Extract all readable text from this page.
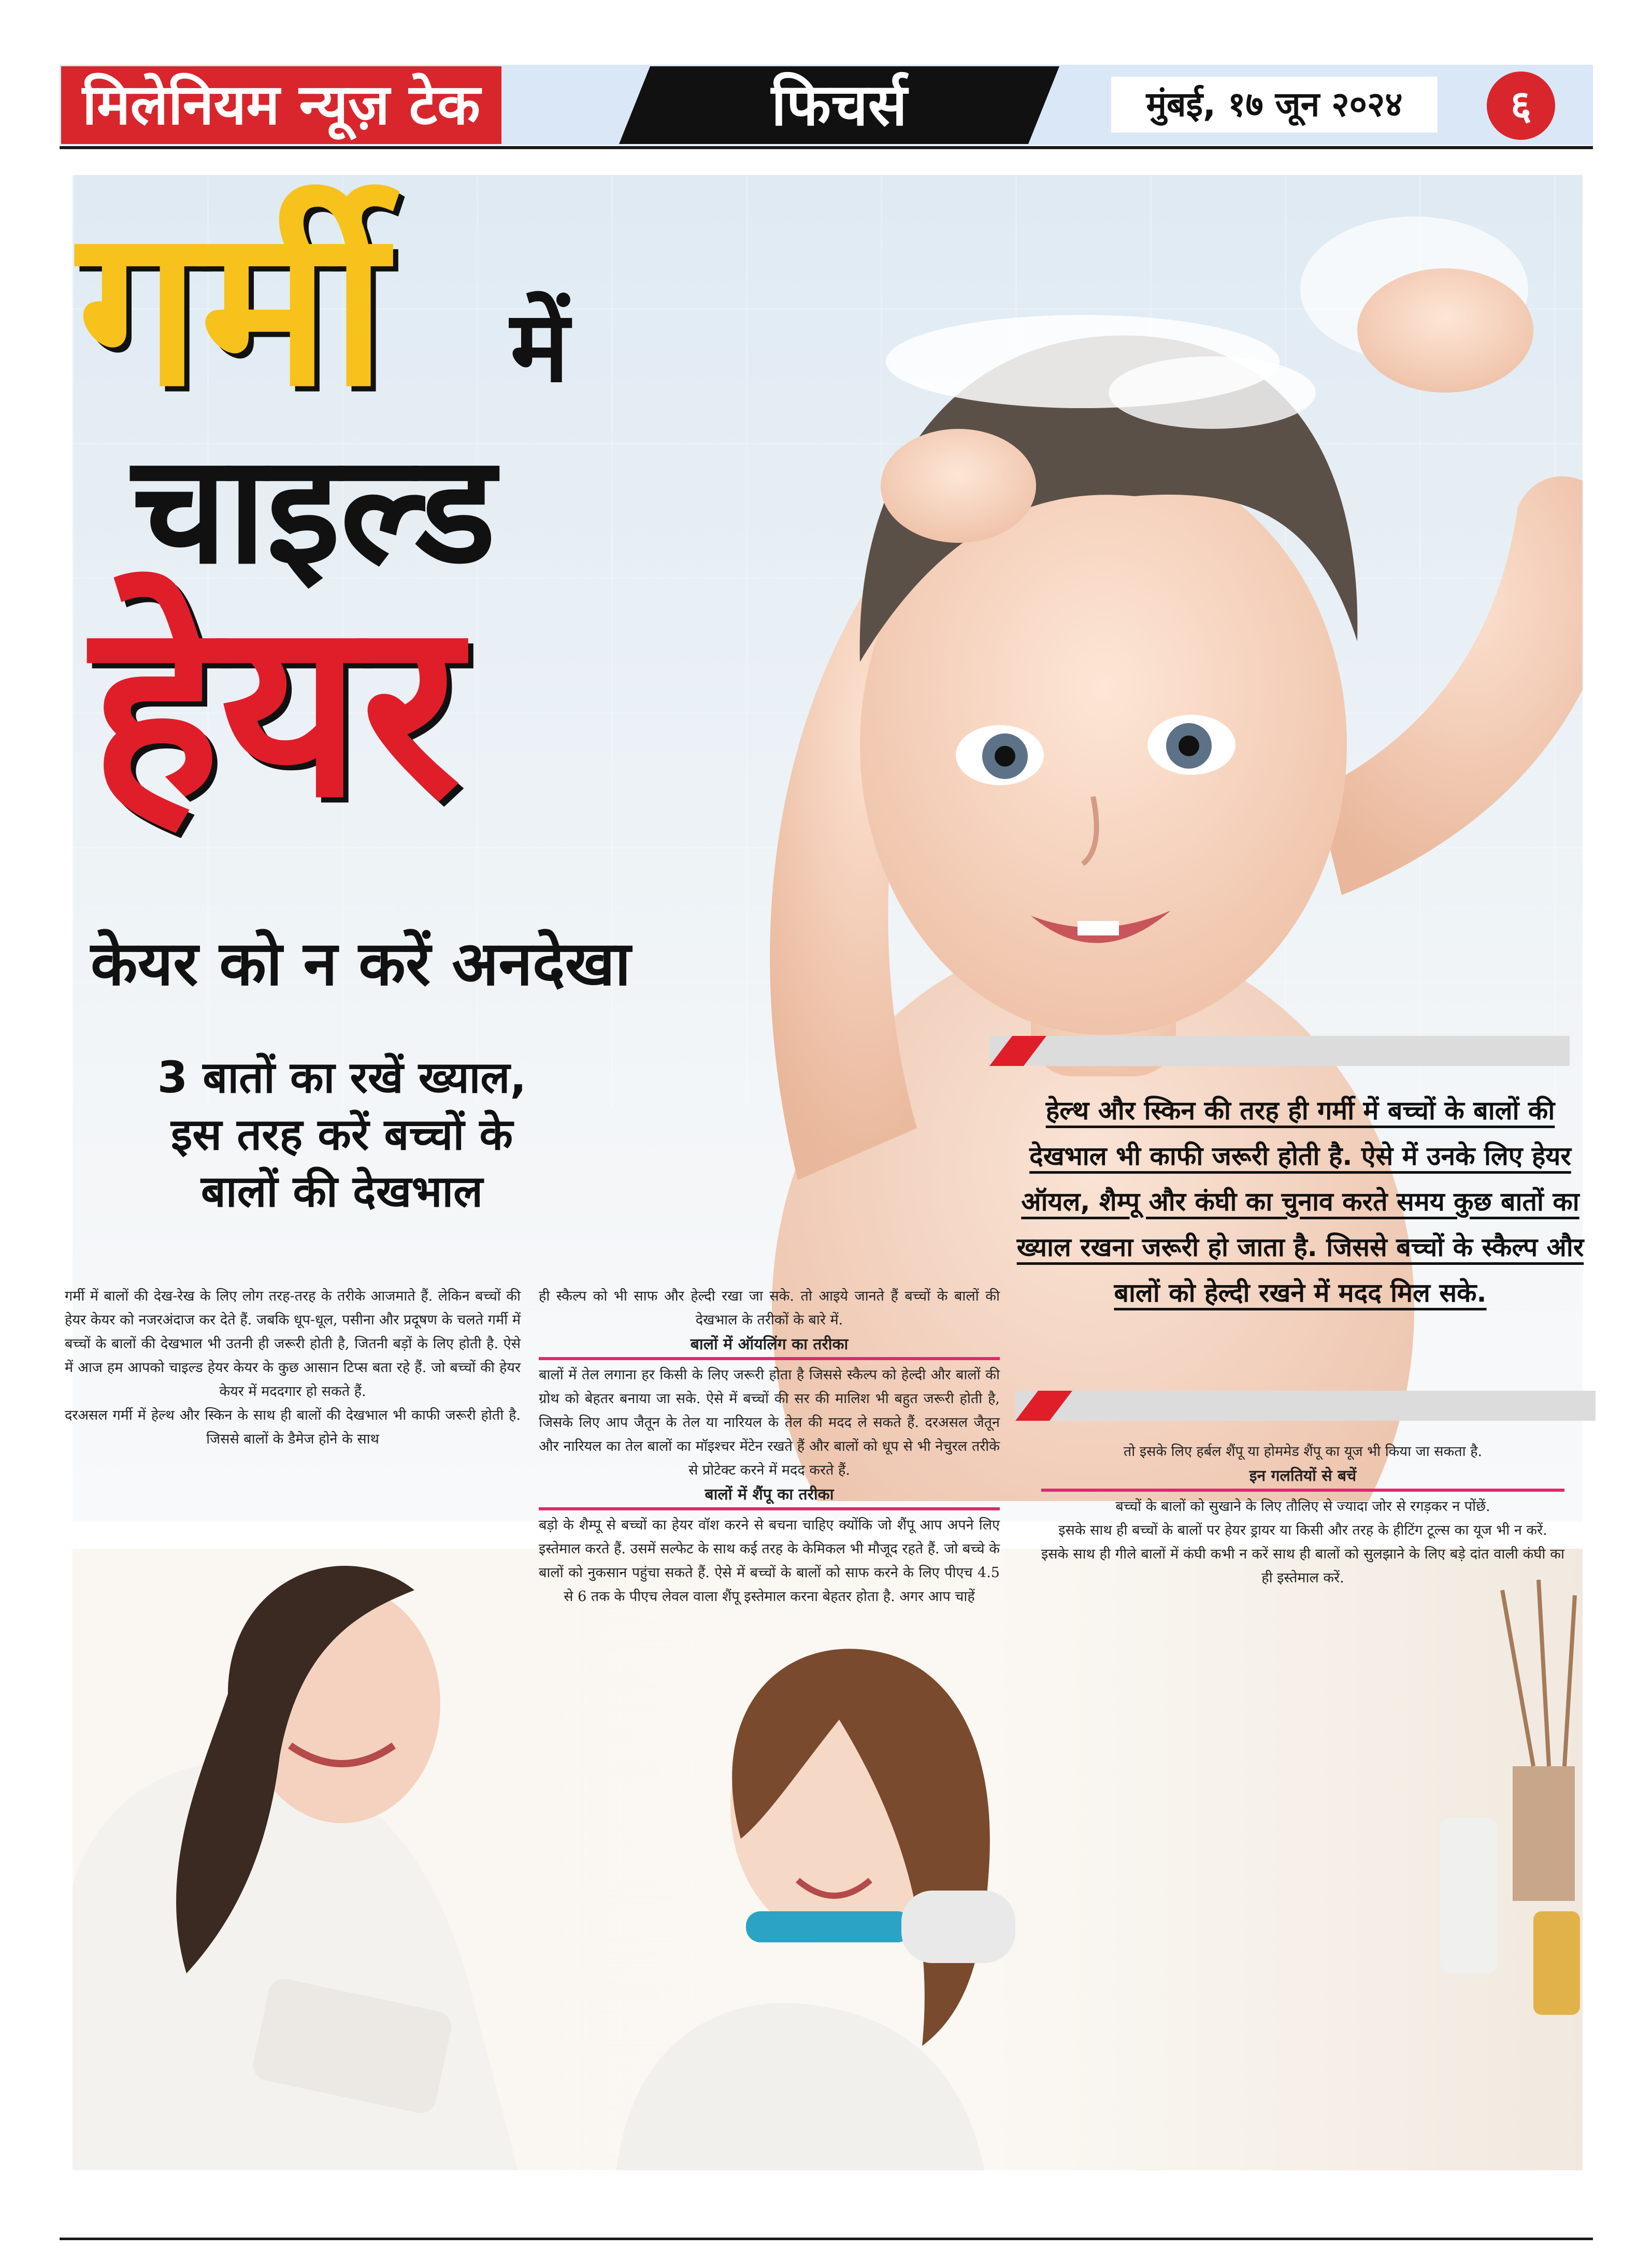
मिलेनियम न्यूज़ टेक	फिचर्स	मुंबई, १७ जून २०२४	६
गर्मी में
चाइल्ड
हेयर
केयर को न करें अनदेखा
3 बातों का रखें ख्याल,
इस तरह करें बच्चों के
बालों की देखभाल
हेल्थ और स्किन की तरह ही गर्मी में बच्चों के बालों की देखभाल भी काफी जरूरी होती है. ऐसे में उनके लिए हेयर ऑयल, शैम्पू और कंघी का चुनाव करते समय कुछ बातों का ख्याल रखना जरूरी हो जाता है. जिससे बच्चों के स्कैल्प और बालों को हेल्दी रखने में मदद मिल सके.

गर्मी में बालों की देख-रेख के लिए लोग तरह-तरह के तरीके आजमाते हैं. लेकिन बच्चों की हेयर केयर को नजरअंदाज कर देते हैं. जबकि धूप-धूल, पसीना और प्रदूषण के चलते गर्मी में बच्चों के बालों की देखभाल भी उतनी ही जरूरी होती है, जितनी बड़ों के लिए होती है. ऐसे में आज हम आपको चाइल्ड हेयर केयर के कुछ आसान टिप्स बता रहे हैं. जो बच्चों की हेयर केयर में मददगार हो सकते हैं.

दरअसल गर्मी में हेल्थ और स्किन के साथ ही बालों की देखभाल भी काफी जरूरी होती है. जिससे बालों के डैमेज होने के साथ

ही स्कैल्प को भी साफ और हेल्दी रखा जा सके. तो आइये जानते हैं बच्चों के बालों की देखभाल के तरीकों के बारे में.

बालों में ऑयलिंग का तरीका

बालों में तेल लगाना हर किसी के लिए जरूरी होता है जिससे स्कैल्प को हेल्दी और बालों की ग्रोथ को बेहतर बनाया जा सके. ऐसे में बच्चों की सर की मालिश भी बहुत जरूरी होती है, जिसके लिए आप जैतून के तेल या नारियल के तेल की मदद ले सकते हैं. दरअसल जैतून और नारियल का तेल बालों का मॉइश्चर मेंटेन रखते हैं और बालों को धूप से भी नेचुरल तरीके से प्रोटेक्ट करने में मदद करते हैं.

बालों में शैंपू का तरीका

बड़ो के शैम्पू से बच्चों का हेयर वॉश करने से बचना चाहिए क्योंकि जो शैंपू आप अपने लिए इस्तेमाल करते हैं. उसमें सल्फेट के साथ कई तरह के केमिकल भी मौजूद रहते हैं. जो बच्चे के बालों को नुकसान पहुंचा सकते हैं. ऐसे में बच्चों के बालों को साफ करने के लिए पीएच 4.5 से 6 तक के पीएच लेवल वाला शैंपू इस्तेमाल करना बेहतर होता है. अगर आप चाहें

तो इसके लिए हर्बल शैंपू या होममेड शैंपू का यूज भी किया जा सकता है.

इन गलतियों से बचें

बच्चों के बालों को सुखाने के लिए तौलिए से ज्यादा जोर से रगड़कर न पोंछें.

इसके साथ ही बच्चों के बालों पर हेयर ड्रायर या किसी और तरह के हीटिंग टूल्स का यूज भी न करें.

इसके साथ ही गीले बालों में कंघी कभी न करें साथ ही बालों को सुलझाने के लिए बड़े दांत वाली कंघी का ही इस्तेमाल करें.
